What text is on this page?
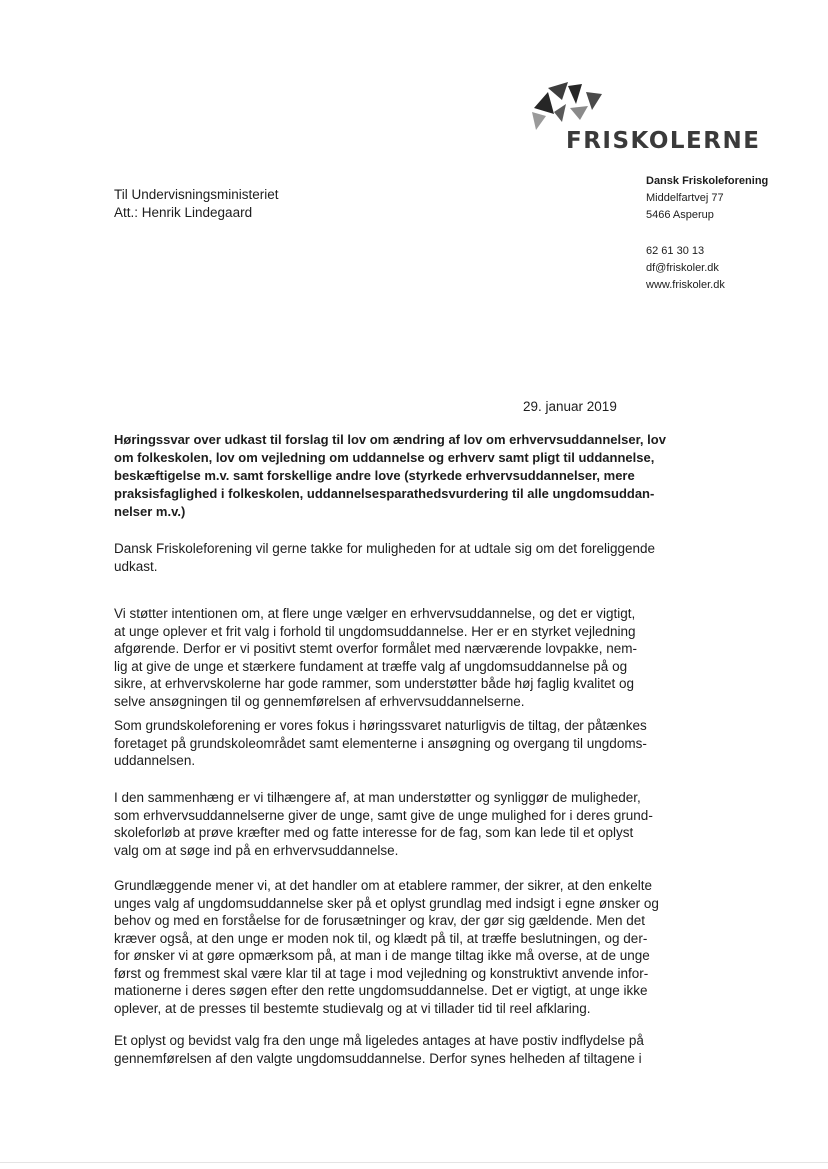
FRISKOLERNE
Til Undervisningsministeriet
Att.: Henrik Lindegaard
Dansk Friskoleforening
Middelfartvej 77
5466 Asperup
62 61 30 13
df@friskoler.dk
www.friskoler.dk
29. januar 2019
Høringssvar over udkast til forslag til lov om ændring af lov om erhvervsuddannelser, lov
om folkeskolen, lov om vejledning om uddannelse og erhverv samt pligt til uddannelse,
beskæftigelse m.v. samt forskellige andre love (styrkede erhvervsuddannelser, mere
praksisfaglighed i folkeskolen, uddannelsesparathedsvurdering til alle ungdomsuddan-
nelser m.v.)
Dansk Friskoleforening vil gerne takke for muligheden for at udtale sig om det foreliggende
udkast.
Vi støtter intentionen om, at flere unge vælger en erhvervsuddannelse, og det er vigtigt,
at unge oplever et frit valg i forhold til ungdomsuddannelse. Her er en styrket vejledning
afgørende. Derfor er vi positivt stemt overfor formålet med nærværende lovpakke, nem-
lig at give de unge et stærkere fundament at træffe valg af ungdomsuddannelse på og
sikre, at erhvervskolerne har gode rammer, som understøtter både høj faglig kvalitet og
selve ansøgningen til og gennemførelsen af erhvervsuddannelserne.
Som grundskoleforening er vores fokus i høringssvaret naturligvis de tiltag, der påtænkes
foretaget på grundskoleområdet samt elementerne i ansøgning og overgang til ungdoms-
uddannelsen.
I den sammenhæng er vi tilhængere af, at man understøtter og synliggør de muligheder,
som erhvervsuddannelserne giver de unge, samt give de unge mulighed for i deres grund-
skoleforløb at prøve kræfter med og fatte interesse for de fag, som kan lede til et oplyst
valg om at søge ind på en erhvervsuddannelse.
Grundlæggende mener vi, at det handler om at etablere rammer, der sikrer, at den enkelte
unges valg af ungdomsuddannelse sker på et oplyst grundlag med indsigt i egne ønsker og
behov og med en forståelse for de forusætninger og krav, der gør sig gældende. Men det
kræver også, at den unge er moden nok til, og klædt på til, at træffe beslutningen, og der-
for ønsker vi at gøre opmærksom på, at man i de mange tiltag ikke må overse, at de unge
først og fremmest skal være klar til at tage i mod vejledning og konstruktivt anvende infor-
mationerne i deres søgen efter den rette ungdomsuddannelse. Det er vigtigt, at unge ikke
oplever, at de presses til bestemte studievalg og at vi tillader tid til reel afklaring.
Et oplyst og bevidst valg fra den unge må ligeledes antages at have postiv indflydelse på
gennemførelsen af den valgte ungdomsuddannelse. Derfor synes helheden af tiltagene i
